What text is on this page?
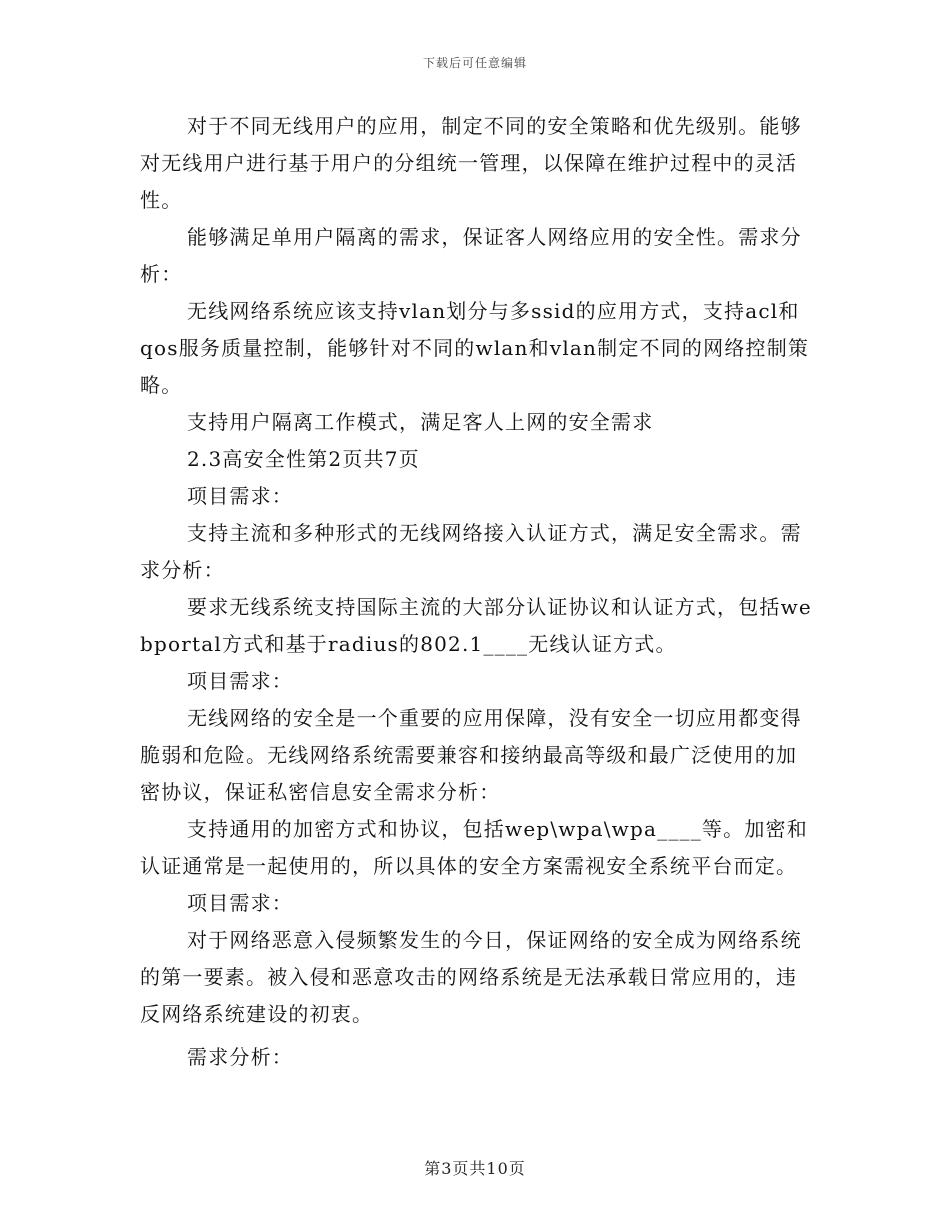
下载后可任意编辑

对于不同无线用户的应用，制定不同的安全策略和优先级别。能够对无线用户进行基于用户的分组统一管理，以保障在维护过程中的灵活性。

能够满足单用户隔离的需求，保证客人网络应用的安全性。需求分析：

无线网络系统应该支持vlan划分与多ssid的应用方式，支持acl和qos服务质量控制，能够针对不同的wlan和vlan制定不同的网络控制策略。

支持用户隔离工作模式，满足客人上网的安全需求

2.3高安全性第2页共7页

项目需求：

支持主流和多种形式的无线网络接入认证方式，满足安全需求。需求分析：

要求无线系统支持国际主流的大部分认证协议和认证方式，包括webportal方式和基于radius的802.1____无线认证方式。

项目需求：

无线网络的安全是一个重要的应用保障，没有安全一切应用都变得脆弱和危险。无线网络系统需要兼容和接纳最高等级和最广泛使用的加密协议，保证私密信息安全需求分析：

支持通用的加密方式和协议，包括wep\wpa\wpa____等。加密和认证通常是一起使用的，所以具体的安全方案需视安全系统平台而定。

项目需求：

对于网络恶意入侵频繁发生的今日，保证网络的安全成为网络系统的第一要素。被入侵和恶意攻击的网络系统是无法承载日常应用的，违反网络系统建设的初衷。

需求分析：

第3页共10页
